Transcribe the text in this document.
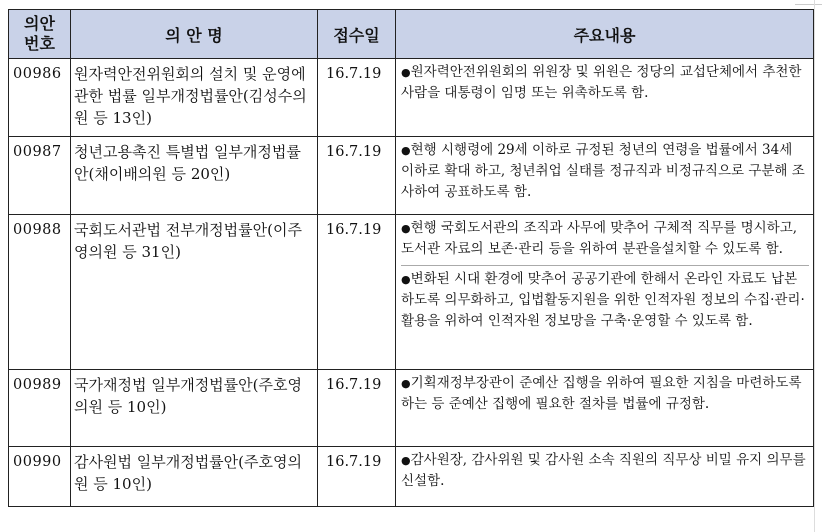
의안
번호	의 안 명	접수일	주요내용
00986	원자력안전위원회의 설치 및 운영에 관한 법률 일부개정법률안(김성수의원 등 13인)	16.7.19	●원자력안전위원회의 위원장 및 위원은 정당의 교섭단체에서 추천한 사람을 대통령이 임명 또는 위촉하도록 함.

00987	청년고용촉진 특별법 일부개정법률안(채이배의원 등 20인)	16.7.19	●현행 시행령에 29세 이하로 규정된 청년의 연령을 법률에서 34세 이하로 확대 하고, 청년취업 실태를 정규직과 비정규직으로 구분해 조사하여 공표하도록 함.

00988	국회도서관법 전부개정법률안(이주영의원 등 31인)	16.7.19	●현행 국회도서관의 조직과 사무에 맞추어 구체적 직무를 명시하고, 도서관 자료의 보존·관리 등을 위하여 분관을설치할 수 있도록 함.
●변화된 시대 환경에 맞추어 공공기관에 한해서 온라인 자료도 납본하도록 의무화하고, 입법활동지원을 위한 인적자원 정보의 수집·관리·활용을 위하여 인적자원 정보망을 구축·운영할 수 있도록 함.

00989	국가재정법 일부개정법률안(주호영의원 등 10인)	16.7.19	●기획재정부장관이 준예산 집행을 위하여 필요한 지침을 마련하도록 하는 등 준예산 집행에 필요한 절차를 법률에 규정함.

00990	감사원법 일부개정법률안(주호영의원 등 10인)	16.7.19	●감사원장, 감사위원 및 감사원 소속 직원의 직무상 비밀 유지 의무를 신설함.
